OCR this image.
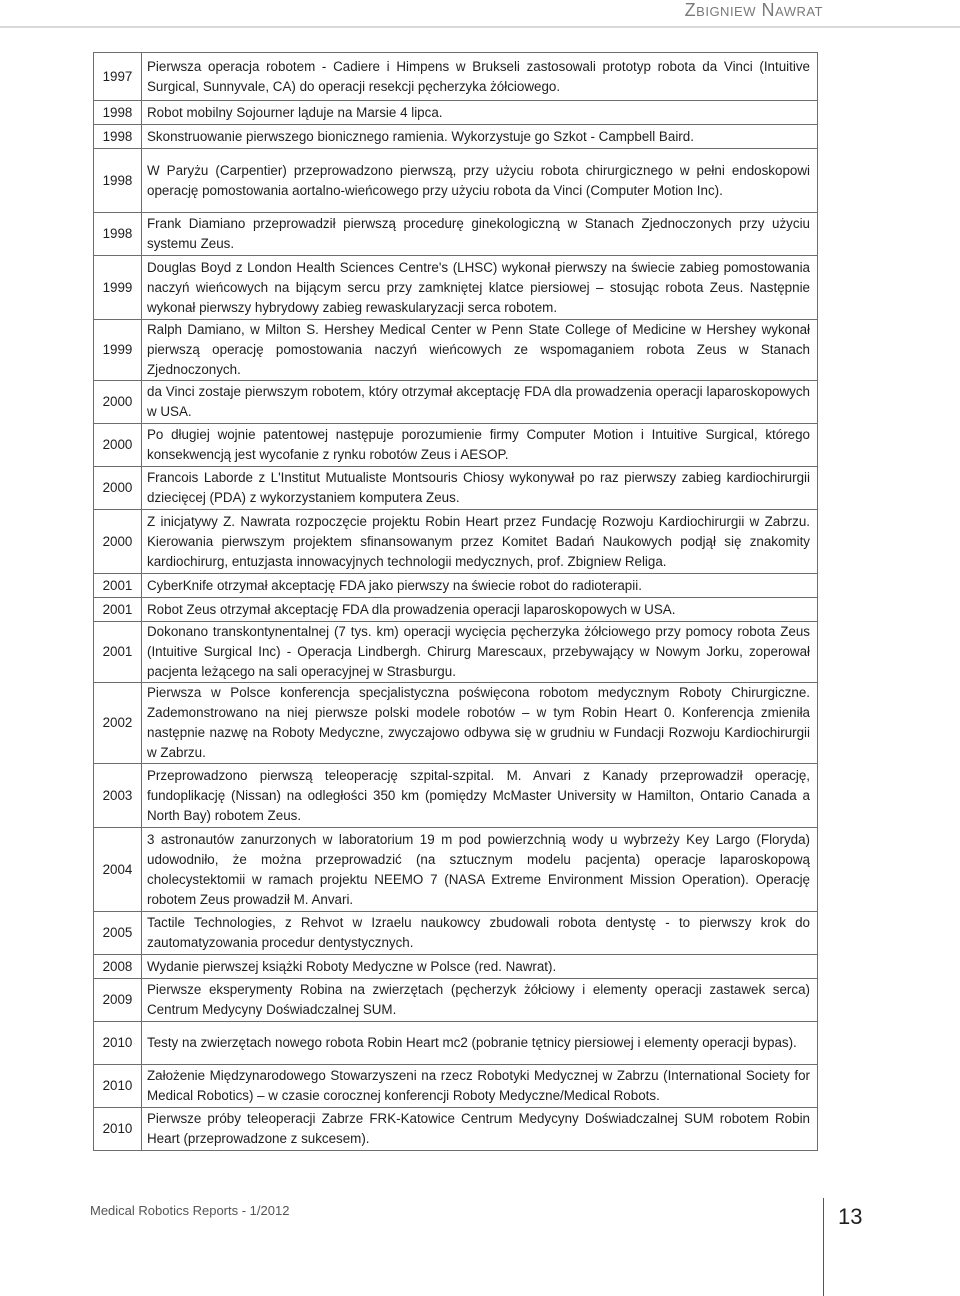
Zbigniew Nawrat
1997	Pierwsza operacja robotem - Cadiere i Himpens w Brukseli zastosowali prototyp robota da Vinci (Intuitive Surgical, Sunnyvale, CA) do operacji resekcji pęcherzyka żółciowego.
1998	Robot mobilny Sojourner ląduje na Marsie 4 lipca.
1998	Skonstruowanie pierwszego bionicznego ramienia. Wykorzystuje go Szkot - Campbell Baird.
1998	W Paryżu (Carpentier) przeprowadzono pierwszą, przy użyciu robota chirurgicznego w pełni endoskopowi operację pomostowania aortalno-wieńcowego przy użyciu robota da Vinci (Computer Motion Inc).
1998	Frank Diamiano przeprowadził pierwszą procedurę ginekologiczną w Stanach Zjednoczonych przy użyciu systemu Zeus.
1999	Douglas Boyd z London Health Sciences Centre's (LHSC) wykonał pierwszy na świecie zabieg pomostowania naczyń wieńcowych na bijącym sercu przy zamkniętej klatce piersiowej – stosując robota Zeus. Następnie wykonał pierwszy hybrydowy zabieg rewaskularyzacji serca robotem.
1999	Ralph Damiano, w Milton S. Hershey Medical Center w Penn State College of Medicine w Hershey wykonał pierwszą operację pomostowania naczyń wieńcowych ze wspomaganiem robota Zeus w Stanach Zjednoczonych.
2000	da Vinci zostaje pierwszym robotem, który otrzymał akceptację FDA dla prowadzenia operacji laparoskopowych w USA.
2000	Po długiej wojnie patentowej następuje porozumienie firmy Computer Motion i Intuitive Surgical, którego konsekwencją jest wycofanie z rynku robotów Zeus i AESOP.
2000	Francois Laborde z L'Institut Mutualiste Montsouris Chiosy wykonywał po raz pierwszy zabieg kardiochirurgii dziecięcej (PDA) z wykorzystaniem komputera Zeus.
2000	Z inicjatywy Z. Nawrata rozpoczęcie projektu Robin Heart przez Fundację Rozwoju Kardiochirurgii w Zabrzu. Kierowania pierwszym projektem sfinansowanym przez Komitet Badań Naukowych podjął się znakomity kardiochirurg, entuzjasta innowacyjnych technologii medycznych, prof. Zbigniew Religa.
2001	CyberKnife otrzymał akceptację FDA jako pierwszy na świecie robot do radioterapii.
2001	Robot Zeus otrzymał akceptację FDA dla prowadzenia operacji laparoskopowych w USA.
2001	Dokonano transkontynentalnej (7 tys. km) operacji wycięcia pęcherzyka żółciowego przy pomocy robota Zeus (Intuitive Surgical Inc) - Operacja Lindbergh. Chirurg Marescaux, przebywający w Nowym Jorku, zoperował pacjenta leżącego na sali operacyjnej w Strasburgu.
2002	Pierwsza w Polsce konferencja specjalistyczna poświęcona robotom medycznym Roboty Chirurgiczne. Zademonstrowano na niej pierwsze polski modele robotów – w tym Robin Heart 0. Konferencja zmieniła następnie nazwę na Roboty Medyczne, zwyczajowo odbywa się w grudniu w Fundacji Rozwoju Kardiochirurgii w Zabrzu.
2003	Przeprowadzono pierwszą teleoperację szpital-szpital. M. Anvari z Kanady przeprowadził operację, fundoplikację (Nissan) na odległości 350 km (pomiędzy McMaster University w Hamilton, Ontario Canada a North Bay) robotem Zeus.
2004	3 astronautów zanurzonych w laboratorium 19 m pod powierzchnią wody u wybrzeży Key Largo (Floryda) udowodniło, że można przeprowadzić (na sztucznym modelu pacjenta) operacje laparoskopową cholecystektomii w ramach projektu NEEMO 7 (NASA Extreme Environment Mission Operation). Operację robotem Zeus prowadził M. Anvari.
2005	Tactile Technologies, z Rehvot w Izraelu naukowcy zbudowali robota dentystę - to pierwszy krok do zautomatyzowania procedur dentystycznych.
2008	Wydanie pierwszej książki Roboty Medyczne w Polsce (red. Nawrat).
2009	Pierwsze eksperymenty Robina na zwierzętach (pęcherzyk żółciowy i elementy operacji zastawek serca) Centrum Medycyny Doświadczalnej SUM.
2010	Testy na zwierzętach nowego robota Robin Heart mc2 (pobranie tętnicy piersiowej i elementy operacji bypas).
2010	Założenie Międzynarodowego Stowarzyszeni na rzecz Robotyki Medycznej w Zabrzu (International Society for Medical Robotics) – w czasie corocznej konferencji Roboty Medyczne/Medical Robots.
2010	Pierwsze próby teleoperacji Zabrze FRK-Katowice Centrum Medycyny Doświadczalnej SUM robotem Robin Heart (przeprowadzone z sukcesem).
Medical Robotics Reports - 1/2012	13
